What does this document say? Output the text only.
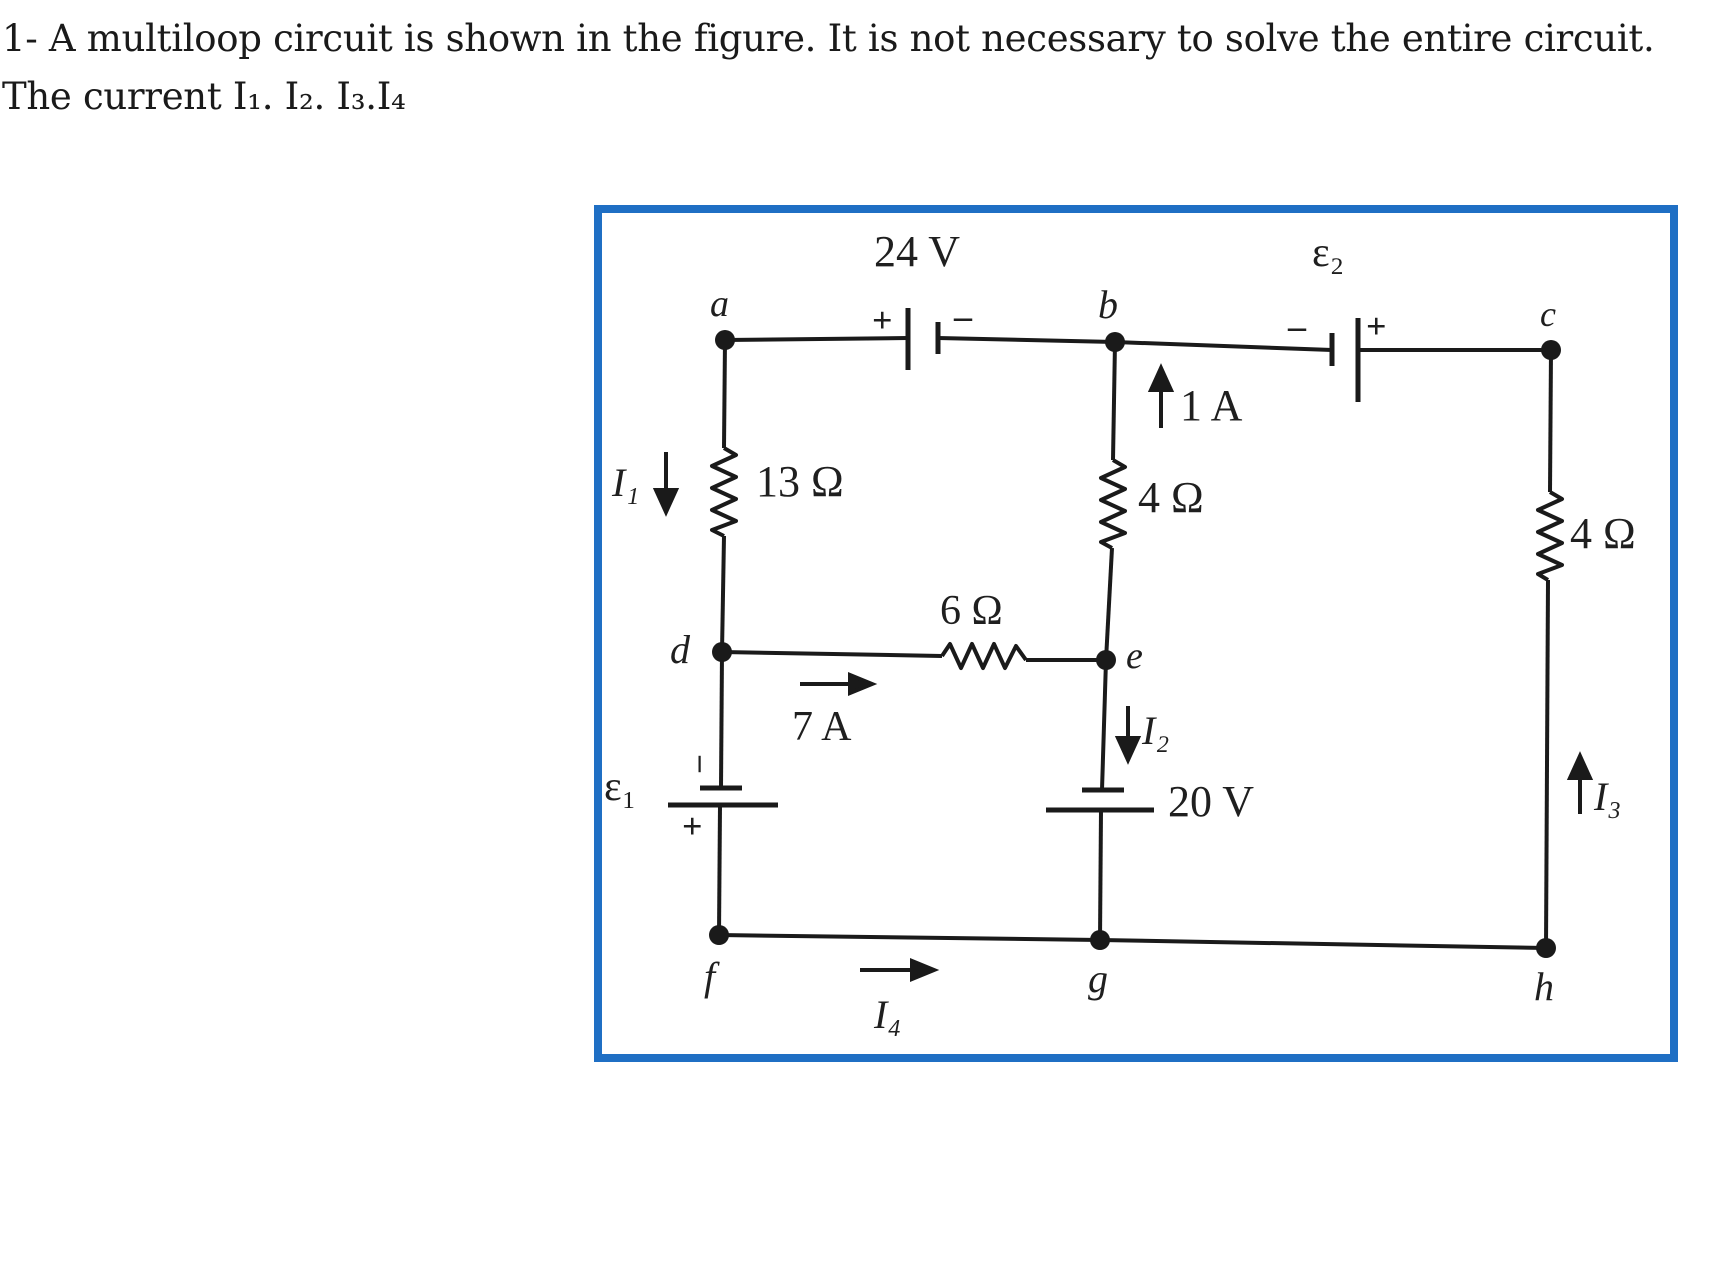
1- A multiloop circuit is shown in the figure. It is not necessary to solve the entire circuit.
The current I₁. I₂. I₃.I₄
a	b	c
d	e
f	g	h
24 V	ε₂
ε₁	20 V
13 Ω	4 Ω
4 Ω
6 Ω
1 A
7 A
I₁
I₂
I₃
I₄
+ –	– +
–
+
